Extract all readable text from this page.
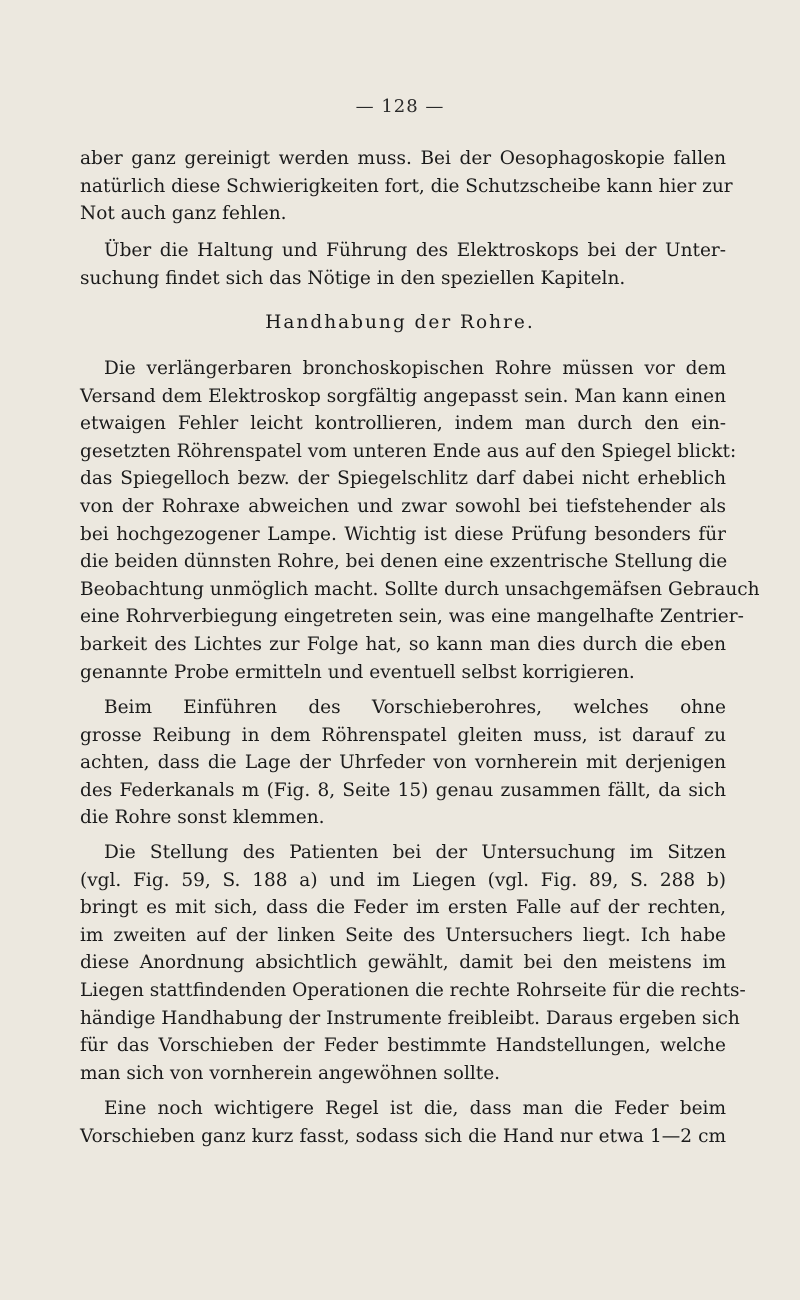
— 128 —
aber ganz gereinigt werden muss. Bei der Oesophagoskopie fallen
natürlich diese Schwierigkeiten fort, die Schutzscheibe kann hier zur
Not auch ganz fehlen.
Über die Haltung und Führung des Elektroskops bei der Unter-
suchung findet sich das Nötige in den speziellen Kapiteln.
Handhabung der Rohre.
Die verlängerbaren bronchoskopischen Rohre müssen vor dem
Versand dem Elektroskop sorgfältig angepasst sein. Man kann einen
etwaigen Fehler leicht kontrollieren, indem man durch den ein-
gesetzten Röhrenspatel vom unteren Ende aus auf den Spiegel blickt:
das Spiegelloch bezw. der Spiegelschlitz darf dabei nicht erheblich
von der Rohraxe abweichen und zwar sowohl bei tiefstehender als
bei hochgezogener Lampe. Wichtig ist diese Prüfung besonders für
die beiden dünnsten Rohre, bei denen eine exzentrische Stellung die
Beobachtung unmöglich macht. Sollte durch unsachgemäfsen Gebrauch
eine Rohrverbiegung eingetreten sein, was eine mangelhafte Zentrier-
barkeit des Lichtes zur Folge hat, so kann man dies durch die eben
genannte Probe ermitteln und eventuell selbst korrigieren.
Beim Einführen des Vorschieberohres, welches ohne
grosse Reibung in dem Röhrenspatel gleiten muss, ist darauf zu
achten, dass die Lage der Uhrfeder von vornherein mit derjenigen
des Federkanals m (Fig. 8, Seite 15) genau zusammen fällt, da sich
die Rohre sonst klemmen.
Die Stellung des Patienten bei der Untersuchung im Sitzen
(vgl. Fig. 59, S. 188 a) und im Liegen (vgl. Fig. 89, S. 288 b)
bringt es mit sich, dass die Feder im ersten Falle auf der rechten,
im zweiten auf der linken Seite des Untersuchers liegt. Ich habe
diese Anordnung absichtlich gewählt, damit bei den meistens im
Liegen stattfindenden Operationen die rechte Rohrseite für die rechts-
händige Handhabung der Instrumente freibleibt. Daraus ergeben sich
für das Vorschieben der Feder bestimmte Handstellungen, welche
man sich von vornherein angewöhnen sollte.
Eine noch wichtigere Regel ist die, dass man die Feder beim
Vorschieben ganz kurz fasst, sodass sich die Hand nur etwa 1—2 cm
